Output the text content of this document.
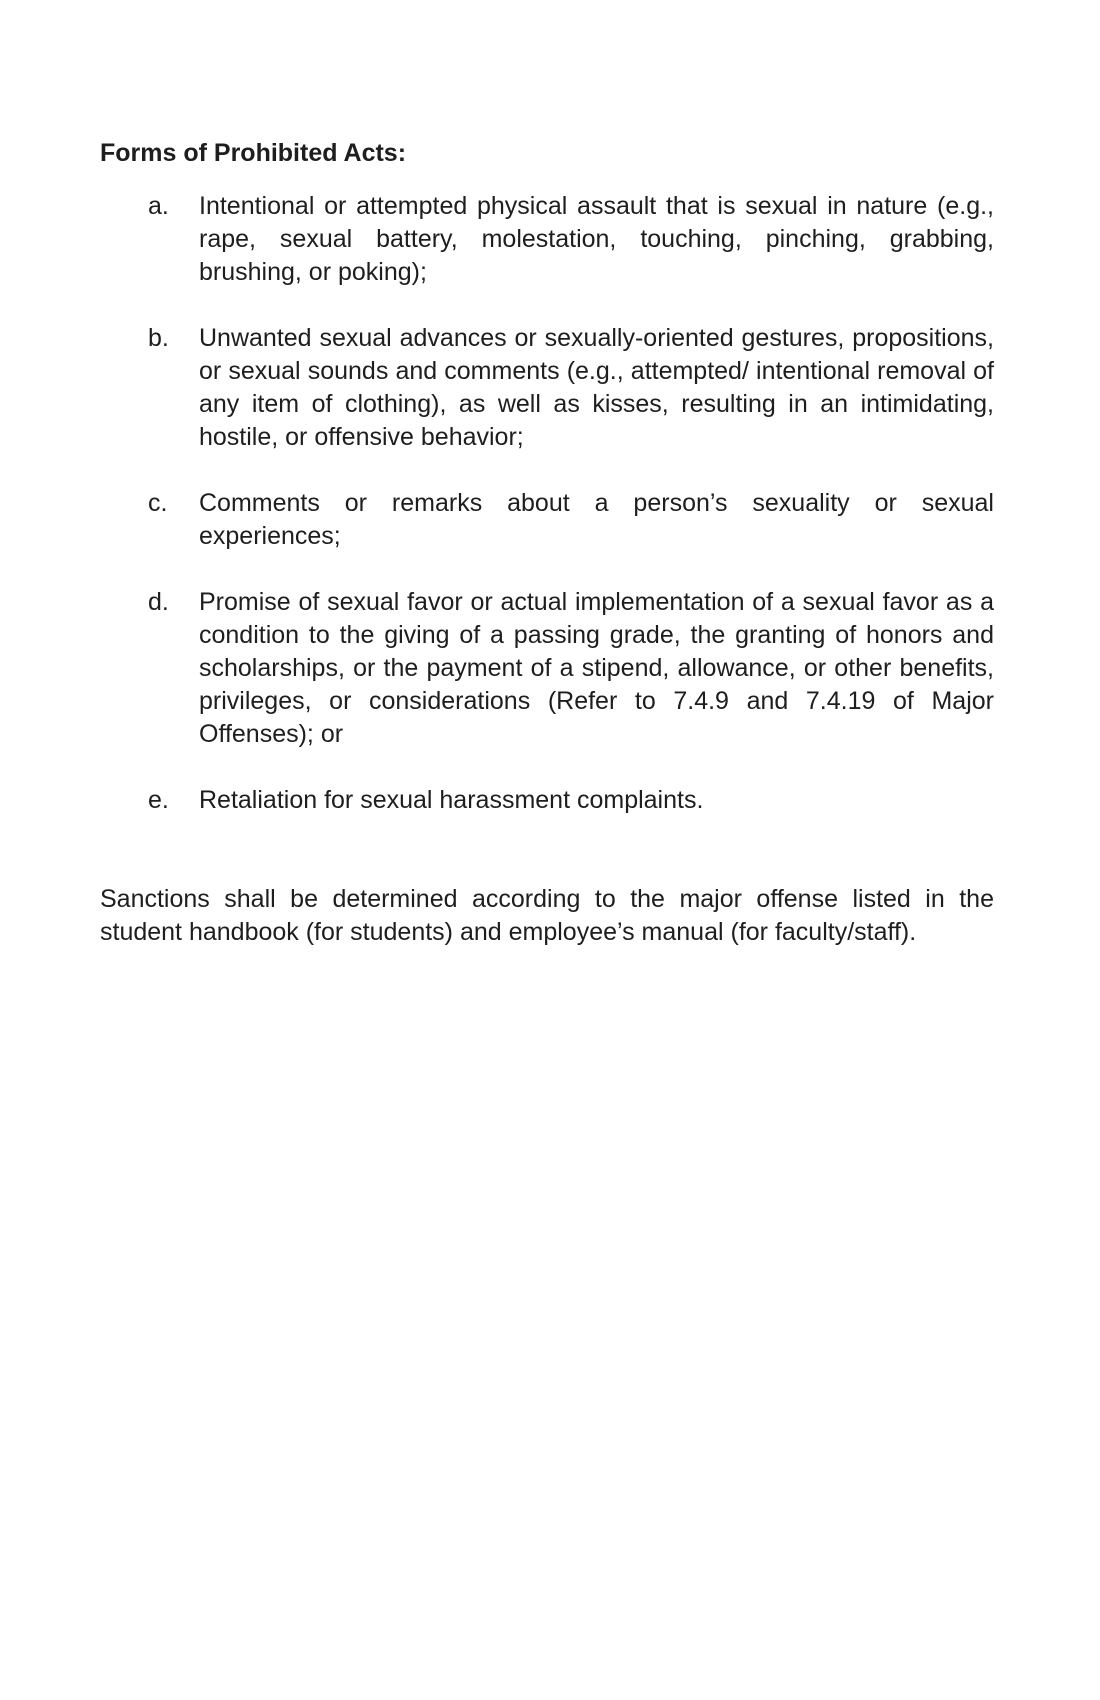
Forms of Prohibited Acts:
a.	Intentional or attempted physical assault that is sexual in nature (e.g., rape, sexual battery, molestation, touching, pinching, grabbing, brushing, or poking);
b.	Unwanted sexual advances or sexually-oriented gestures, propositions, or sexual sounds and comments (e.g., attempted/ intentional removal of any item of clothing), as well as kisses, resulting in an intimidating, hostile, or offensive behavior;
c.	Comments or remarks about a person’s sexuality or sexual experiences;
d.	Promise of sexual favor or actual implementation of a sexual favor as a condition to the giving of a passing grade, the granting of honors and scholarships, or the payment of a stipend, allowance, or other benefits, privileges, or considerations (Refer to 7.4.9 and 7.4.19 of Major Offenses); or
e.	Retaliation for sexual harassment complaints.

Sanctions shall be determined according to the major offense listed in the student handbook (for students) and employee’s manual (for faculty/staff).
